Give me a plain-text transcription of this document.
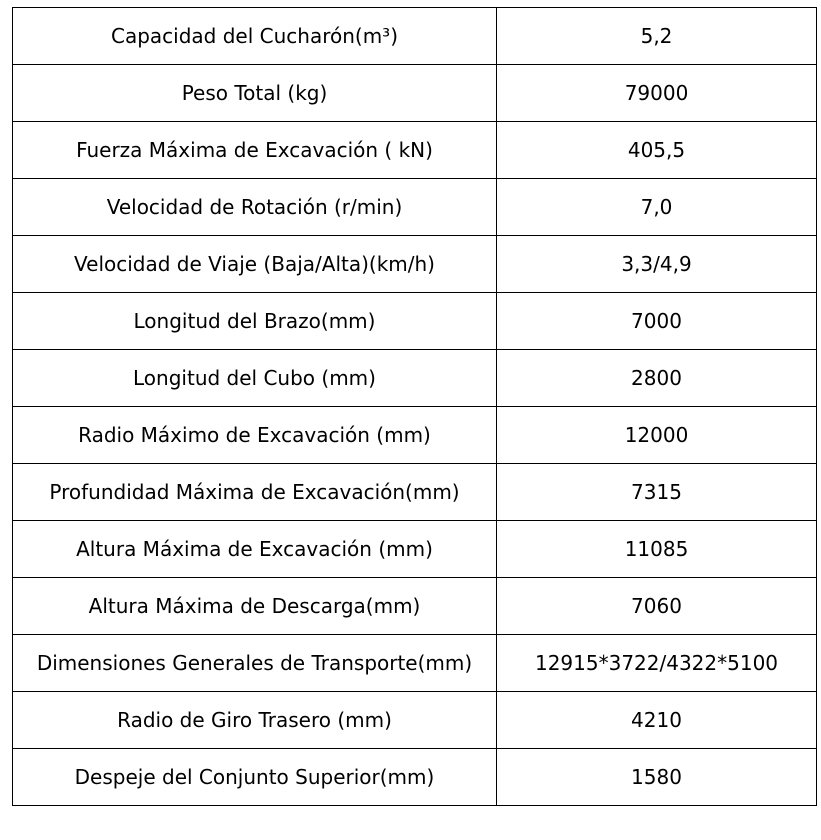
Capacidad del Cucharón(m³)	5,2
Peso Total (kg)	79000
Fuerza Máxima de Excavación ( kN)	405,5
Velocidad de Rotación (r/min)	7,0
Velocidad de Viaje (Baja/Alta)(km/h)	3,3/4,9
Longitud del Brazo(mm)	7000
Longitud del Cubo (mm)	2800
Radio Máximo de Excavación (mm)	12000
Profundidad Máxima de Excavación(mm)	7315
Altura Máxima de Excavación (mm)	11085
Altura Máxima de Descarga(mm)	7060
Dimensiones Generales de Transporte(mm)	12915*3722/4322*5100
Radio de Giro Trasero (mm)	4210
Despeje del Conjunto Superior(mm)	1580
